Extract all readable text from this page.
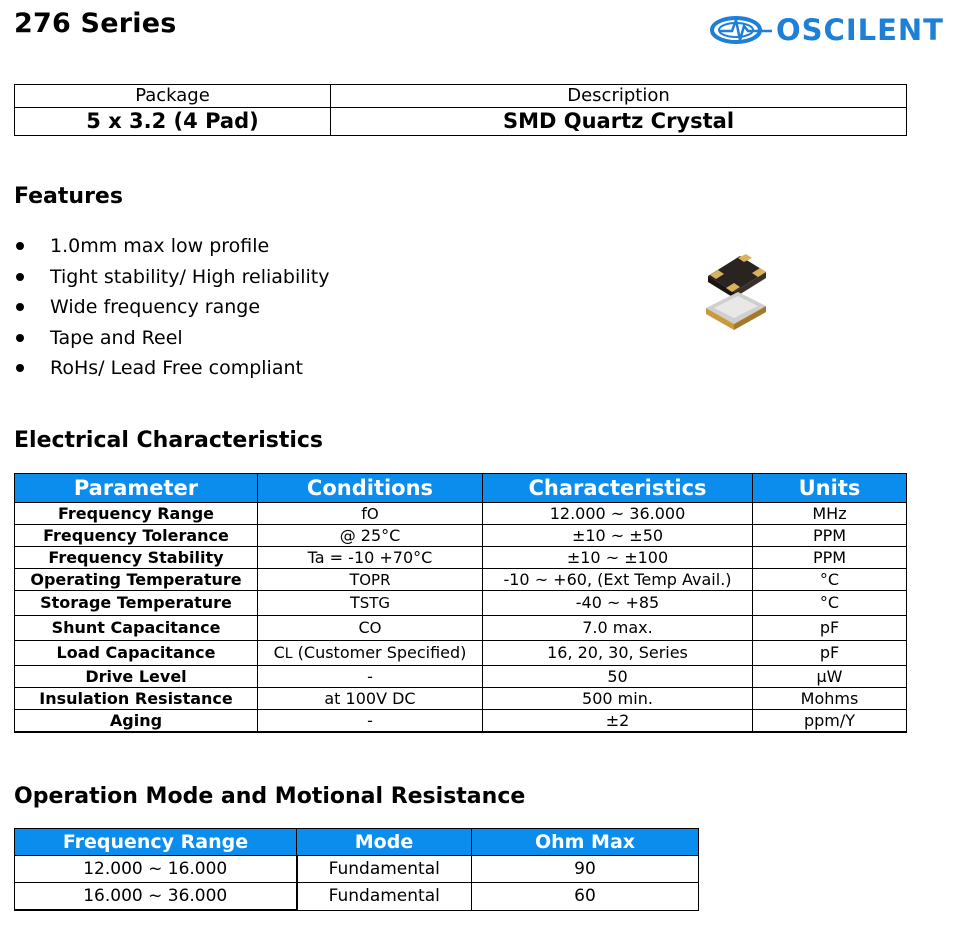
276 Series	OSCILENT
Package	Description
5 x 3.2 (4 Pad)	SMD Quartz Crystal
Features
1.0mm max low profile
Tight stability/ High reliability
Wide frequency range
Tape and Reel
RoHs/ Lead Free compliant
Electrical Characteristics
Parameter	Conditions	Characteristics	Units
Frequency Range	fO	12.000 ~ 36.000	MHz
Frequency Tolerance	@ 25°C	±10 ~ ±50	PPM
Frequency Stability	Ta = -10 +70°C	±10 ~ ±100	PPM
Operating Temperature	TOPR	-10 ~ +60, (Ext Temp Avail.)	°C
Storage Temperature	TSTG	-40 ~ +85	°C
Shunt Capacitance	CO	7.0 max.	pF
Load Capacitance	CL (Customer Specified)	16, 20, 30, Series	pF
Drive Level	-	50	µW
Insulation Resistance	at 100V DC	500 min.	Mohms
Aging	-	±2	ppm/Y
Operation Mode and Motional Resistance
Frequency Range	Mode	Ohm Max
12.000 ~ 16.000	Fundamental	90
16.000 ~ 36.000	Fundamental	60
